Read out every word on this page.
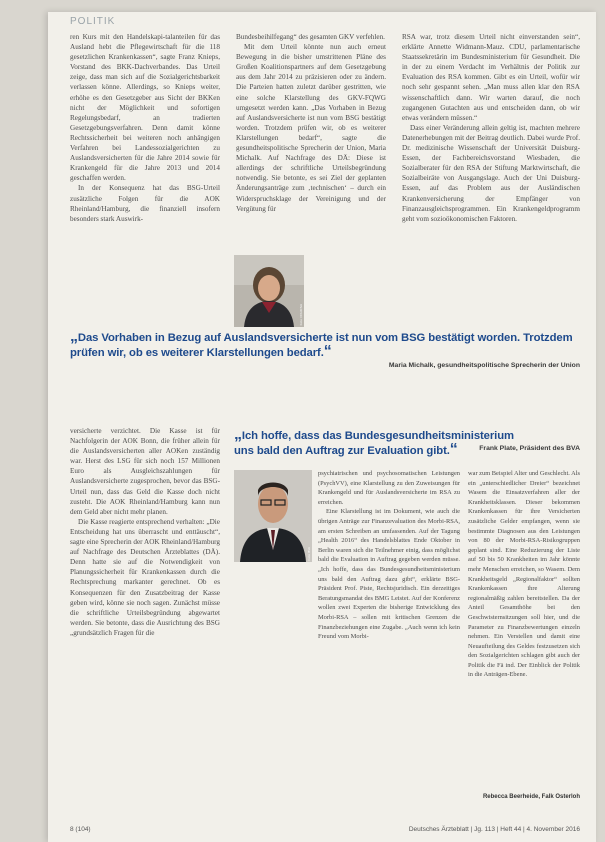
POLITIK

ren Kurs mit den Handelskapi-talanteilen für das Ausland hebt die Pflegewirtschaft für die 118 gesetzlichen Krankenkassen“, sagte Franz Knieps, Vorstand des BKK-Dachverbandes. Das Urteil zeige, dass man sich auf die Sozialgerichtsbarkeit verlassen könne. Allerdings, so Knieps weiter, erhöhe es den Gesetzgeber aus Sicht der BKKen nicht der Möglichkeit und sofortigen Regelungsbedarf, an tradierten Gesetzgebungsverfahren. Denn damit könne Rechtssicherheit bei weiteren noch anhängigen Verfahren bei Landessozialgerichten zu Auslandsversicherten für die Jahre 2014 sowie für Krankengeld für die Jahre 2013 und 2014 geschaffen werden.

In der Konsequenz hat das BSG-Urteil zusätzliche Folgen für die AOK Rheinland/Hamburg, die finanziell insofern besonders stark Auswirk-

Bundesbeihilfegang“ des gesamten GKV verfehlen.

Mit dem Urteil könnte nun auch erneut Bewegung in die bisher umstrittenen Pläne des Großen Koalitionspartners auf dem Gesetzgebung aus dem Jahr 2014 zu präzisieren oder zu ändern. Die Parteien hatten zuletzt darüber gestritten, wie eine solche Klarstellung des GKV-FQWG umgesetzt werden kann. „Das Vorhaben in Bezug auf Auslandsversicherte ist nun vom BSG bestätigt worden. Trotzdem prüfen wir, ob es weiterer Klarstellungen bedarf“, sagte die gesundheitspolitische Sprecherin der Union, Maria Michalk. Auf Nachfrage des DÄ: Diese ist allerdings der schriftliche Urteilsbegründung notwendig. Sie betonte, es sei Ziel der geplanten Änderungsanträge zum ‚technischen‘ – durch ein Widerspruchsklage der Vereinigung und der Vergütung für

RSA war, trotz diesem Urteil nicht einverstanden sein“, erklärte Annette Widmann-Mauz. CDU, parlamentarische Staatssekretärin im Bundesministerium für Gesundheit. Die in der zu einem Verdacht im Verhältnis der Politik zur Evaluation des RSA kommen. Gibt es ein Urteil, wofür wir noch sehr gespannt sehen. „Man muss allen klar den RSA wissenschaftlich dann. Wir warten darauf, die noch zugangenen Gutachten aus und entscheiden dann, ob wir etwas verändern müssen.“

Dass einer Veränderung allein geltig ist, machten mehrere Datenerhebungen mit der Beitrag deutlich. Dabei wurde Prof. Dr. medizinische Wissenschaft der Universität Duisburg-Essen, der Fachbereichsvorstand Wiesbaden, die Sozialberater für den RSA der Stiftung Marktwirtschaft, die Sozialbeiräte von Ausgangslage. Auch der Uni Duisburg-Essen, auf das Problem aus der Ausländischen Krankenversicherung der Empfänger von Finanzausgleichsprogrammen. Ein Krankengeldprogramm geht vom sozioökonomischen Faktoren.

Foto: CDU/CSU
„Das Vorhaben in Bezug auf Auslandsversicherte ist nun vom BSG bestätigt worden. Trotzdem prüfen wir, ob es weiterer Klarstellungen bedarf.“
Maria Michalk, gesundheitspolitische Sprecherin der Union
„Ich hoffe, dass das Bundesgesundheitsministerium uns bald den Auftrag zur Evaluation gibt.“	Frank Plate, Präsident des BVA

versicherte verzichtet. Die Kasse ist für Nachfolgerin der AOK Bonn, die früher allein für die Auslandsversicherten aller AOKen zuständig war. Herst des LSG für sich noch 157 Millionen Euro als Ausgleichszahlungen für Auslandsversicherte zugesprochen, bevor das BSG-Urteil nun, dass das Geld die Kasse doch nicht zusteht. Die AOK Rheinland/Hamburg kann nun dem Geld aber nicht mehr planen.

Die Kasse reagierte entsprechend verhalten: „Die Entscheidung hat uns überrascht und enttäuscht“, sagte eine Sprecherin der AOK Rheinland/Hamburg auf Nachfrage des Deutschen Ärzteblattes (DÄ). Denn hatte sie auf die Notwendigkeit von Planungssicherheit für Krankenkassen durch die Rechtsprechung markanter gerechnet. Ob es Konsequenzen für den Zusatzbeitrag der Kasse geben wird, könne sie noch sagen. Zunächst müsse die schriftliche Urteilsbegründung abgewartet werden. Sie betonte, dass die Ausrichtung des BSG „grundsätzlich Fragen für die

Foto: BVA

psychiatrischen und psychosomatischen Leistungen (PsychVV), eine Klarstellung zu den Zuweisungen für Krankengeld und für Auslandsversicherte im RSA zu erreichen.

Eine Klarstellung ist im Dokument, wie auch die übrigen Anträge zur Finanzevaluation des Morbi-RSA, am ersten Schreiben an umfassenden. Auf der Tagung „Health 2016“ des Handelsblattes Ende Oktober in Berlin waren sich die Teilnehmer einig, dass möglichst bald die Evaluation in Auftrag gegeben werden müsse. „Ich hoffe, dass das Bundesgesundheitsministerium uns bald den Auftrag dazu gibt“, erklärte BSG-Präsident Prof. Piste, Rechtsjuridisch. Ein derzeitiges Beratungsmandat des BMG Leistet. Auf der Konferenz wollen zwei Experten die bisherige Entwicklung des Morbi-RSA – sollen mit kritischen Grenzen die Finanzbeziehungen eine Zugabe. „Auch wenn ich kein Freund vom Morbi-

war zum Beispiel Alter und Geschlecht. Als ein „unterschiedlicher Dreier“ bezeichnet Wasem die Einsatzverfahren aller der Krankheitsklassen. Dieser bekommen Krankenkassen für ihre Versicherten zusätzliche Gelder empfangen, wenn sie bestimmte Diagnosen aus den Leistungen von 80 der Morbi-RSA-Risikogruppen geplant sind. Eine Reduzierung der Liste auf 50 bis 50 Krankheiten im Jahr könnte mehr Menschen erreichen, so Wasem. Dem Krankheitsgeld „Regionalfaktor“ sollten Krankenkassen ihre Alterung regionalmäßig zahlen bereitstellen. Da der Anteil Gesamthöhe bei den Geschwisternsitzungen soll hier, und die Parameter zu Finanzbewertungen einzeln nehmen. Ein Verstellen und damit eine Neuaufteilung des Geldes festzusetzen sich den Sozialgerichten schlagen gibt auch der Politik die Fä ind. Der Einblick der Politik in die Anträgen-Ebene.

Rebecca Beerheide, Falk Osterloh
8 (104)	Deutsches Ärzteblatt | Jg. 113 | Heft 44 | 4. November 2016
